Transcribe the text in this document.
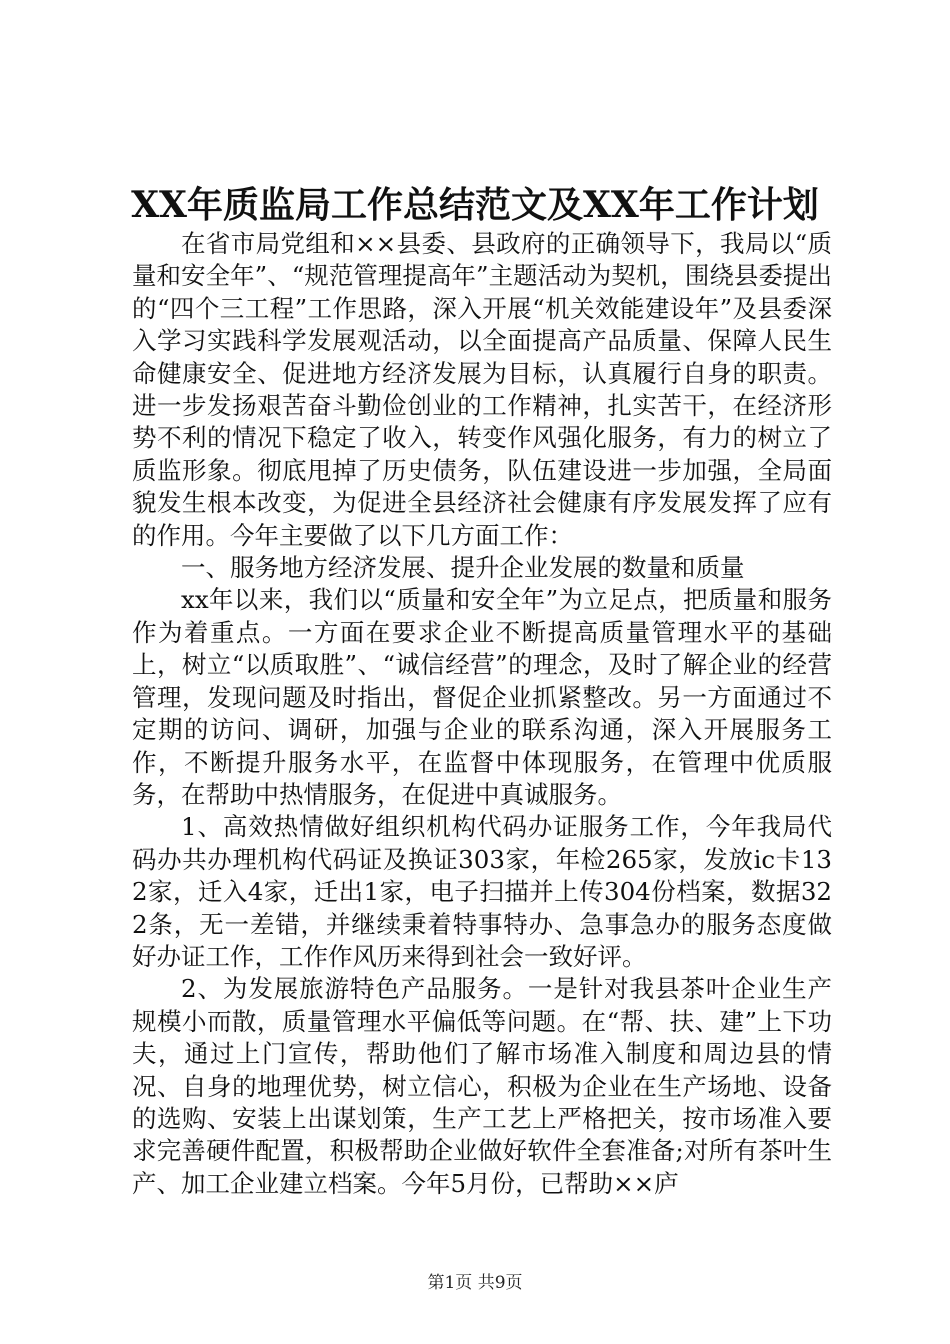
XX年质监局工作总结范文及XX年工作计划

在省市局党组和××县委、县政府的正确领导下，我局以“质量和安全年”、“规范管理提高年”主题活动为契机，围绕县委提出的“四个三工程”工作思路，深入开展“机关效能建设年”及县委深入学习实践科学发展观活动，以全面提高产品质量、保障人民生命健康安全、促进地方经济发展为目标，认真履行自身的职责。进一步发扬艰苦奋斗勤俭创业的工作精神，扎实苦干，在经济形势不利的情况下稳定了收入，转变作风强化服务，有力的树立了质监形象。彻底甩掉了历史债务，队伍建设进一步加强，全局面貌发生根本改变，为促进全县经济社会健康有序发展发挥了应有的作用。今年主要做了以下几方面工作：

一、服务地方经济发展、提升企业发展的数量和质量

xx年以来，我们以“质量和安全年”为立足点，把质量和服务作为着重点。一方面在要求企业不断提高质量管理水平的基础上，树立“以质取胜”、“诚信经营”的理念，及时了解企业的经营管理，发现问题及时指出，督促企业抓紧整改。另一方面通过不定期的访问、调研，加强与企业的联系沟通，深入开展服务工作，不断提升服务水平，在监督中体现服务，在管理中优质服务，在帮助中热情服务，在促进中真诚服务。

1、高效热情做好组织机构代码办证服务工作，今年我局代码办共办理机构代码证及换证303家，年检265家，发放ic卡132家，迁入4家，迁出1家，电子扫描并上传304份档案，数据322条，无一差错，并继续秉着特事特办、急事急办的服务态度做好办证工作，工作作风历来得到社会一致好评。

2、为发展旅游特色产品服务。一是针对我县茶叶企业生产规模小而散，质量管理水平偏低等问题。在“帮、扶、建”上下功夫，通过上门宣传，帮助他们了解市场准入制度和周边县的情况、自身的地理优势，树立信心，积极为企业在生产场地、设备的选购、安装上出谋划策，生产工艺上严格把关，按市场准入要求完善硬件配置，积极帮助企业做好软件全套准备;对所有茶叶生产、加工企业建立档案。今年5月份，已帮助××庐

第1页 共9页
